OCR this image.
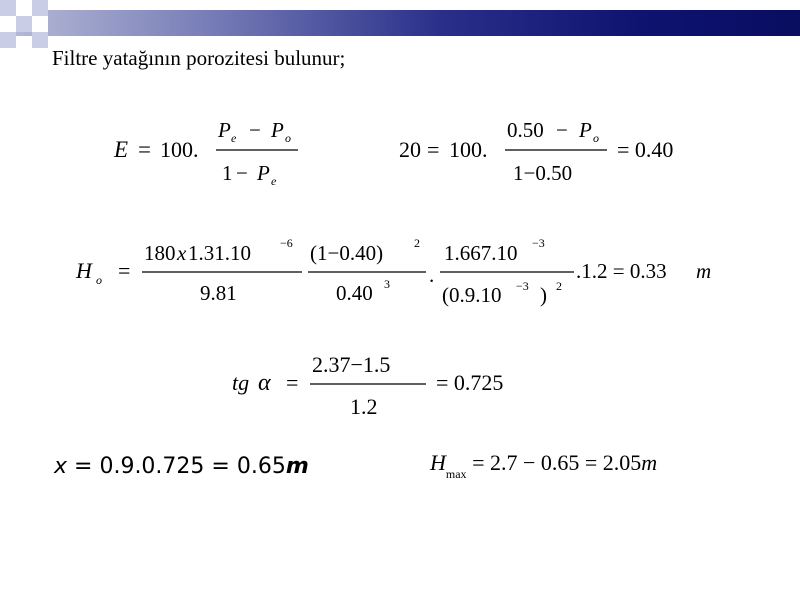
Filtre yatağının porozitesi bulunur;
E = 100.
P e − P o
1 − P e
20 = 100.
0.50 − P o
1−0.50
= 0.40
H o =
180 x 1.31.10 −6
9.81
(1−0.40)	2
0.40 3 .
1.667.10 −3
(0.9.10 −3 ) 2
.1.2 = 0.33 m
tg α =
2.37−1.5
1.2
= 0.725
x = 0.9.0.725 = 0.65m	$H_{max} = 2.7 - 0.65 = 2.05m$
